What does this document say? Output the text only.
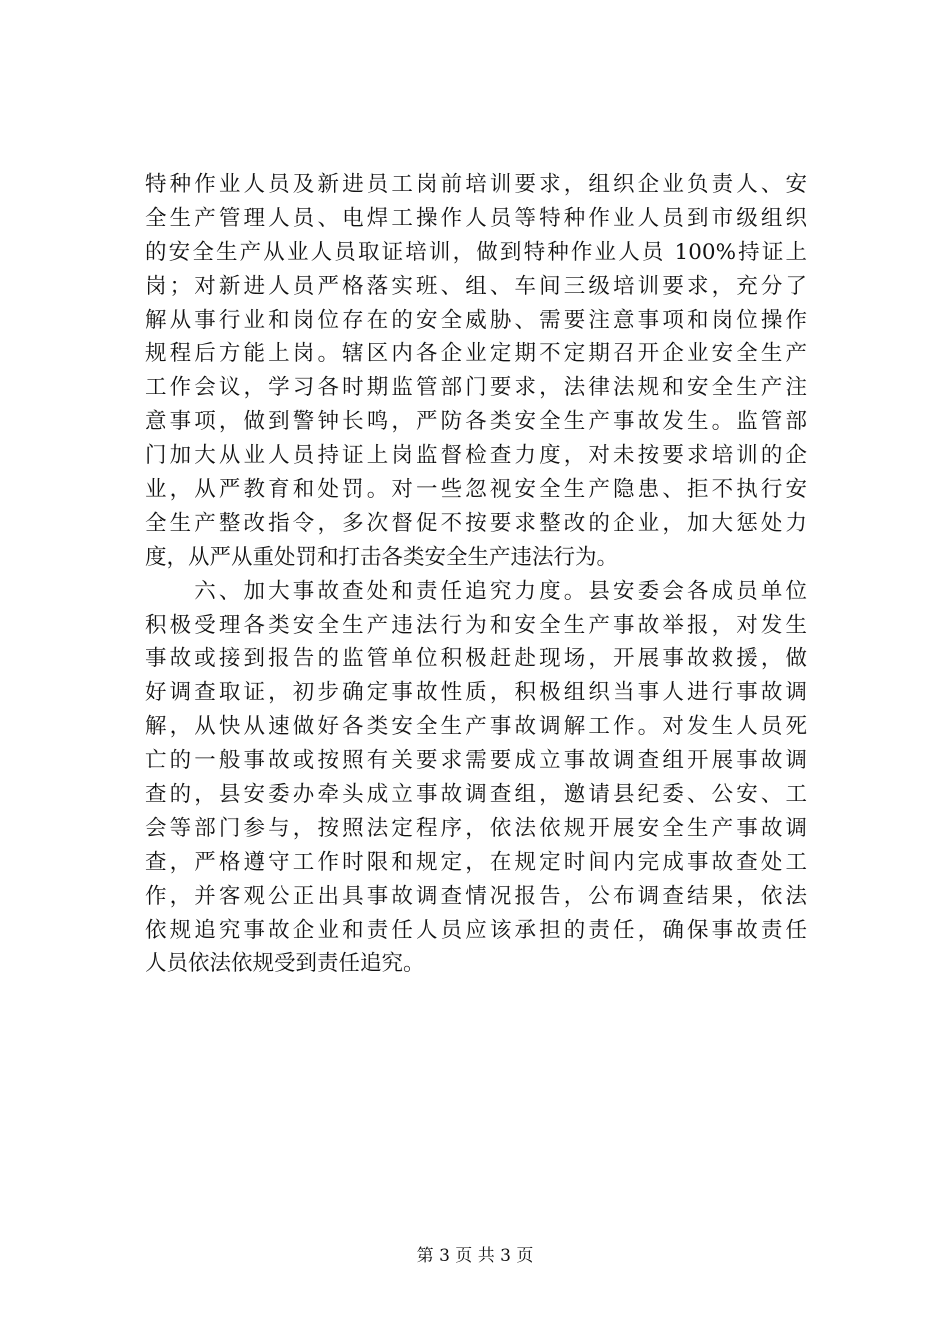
特种作业人员及新进员工岗前培训要求，组织企业负责人、安
全生产管理人员、电焊工操作人员等特种作业人员到市级组织
的安全生产从业人员取证培训，做到特种作业人员 100%持证上
岗；对新进人员严格落实班、组、车间三级培训要求，充分了
解从事行业和岗位存在的安全威胁、需要注意事项和岗位操作
规程后方能上岗。辖区内各企业定期不定期召开企业安全生产
工作会议，学习各时期监管部门要求，法律法规和安全生产注
意事项，做到警钟长鸣，严防各类安全生产事故发生。监管部
门加大从业人员持证上岗监督检查力度，对未按要求培训的企
业，从严教育和处罚。对一些忽视安全生产隐患、拒不执行安
全生产整改指令，多次督促不按要求整改的企业，加大惩处力
度，从严从重处罚和打击各类安全生产违法行为。
　　六、加大事故查处和责任追究力度。县安委会各成员单位
积极受理各类安全生产违法行为和安全生产事故举报，对发生
事故或接到报告的监管单位积极赶赴现场，开展事故救援，做
好调查取证，初步确定事故性质，积极组织当事人进行事故调
解，从快从速做好各类安全生产事故调解工作。对发生人员死
亡的一般事故或按照有关要求需要成立事故调查组开展事故调
查的，县安委办牵头成立事故调查组，邀请县纪委、公安、工
会等部门参与，按照法定程序，依法依规开展安全生产事故调
查，严格遵守工作时限和规定，在规定时间内完成事故查处工
作，并客观公正出具事故调查情况报告，公布调查结果，依法
依规追究事故企业和责任人员应该承担的责任，确保事故责任
人员依法依规受到责任追究。
第 3 页 共 3 页
